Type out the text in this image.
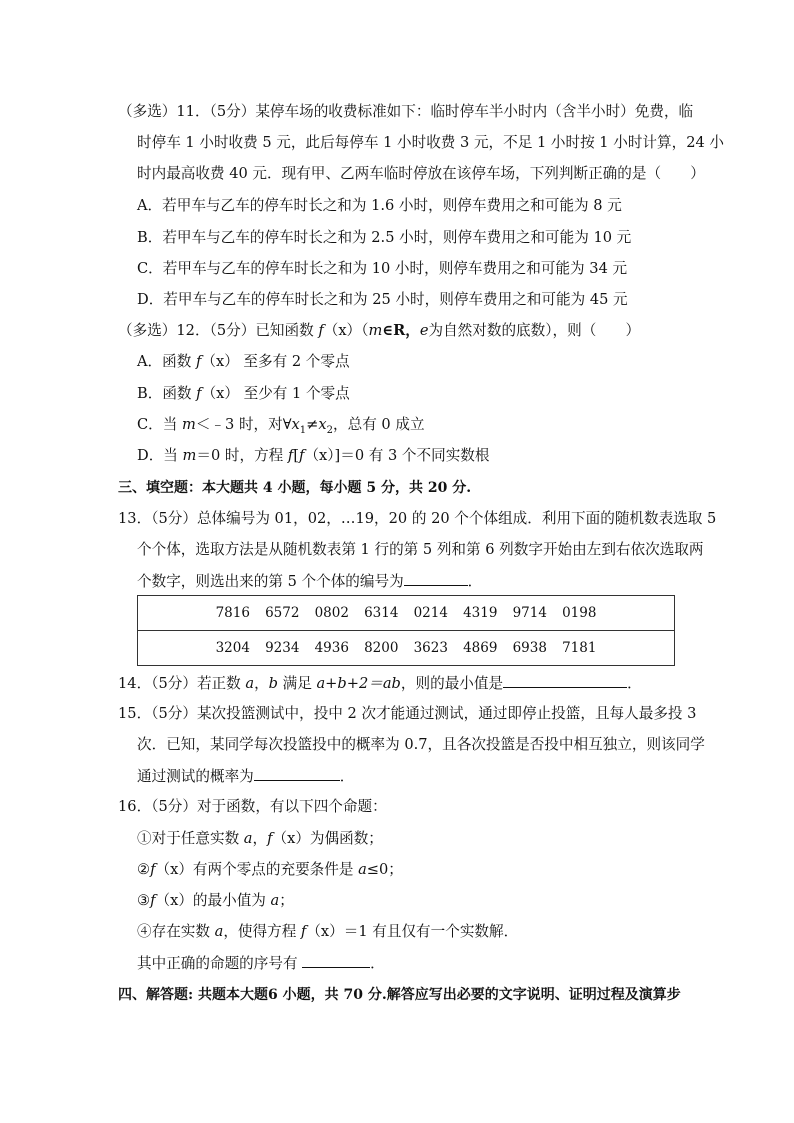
（多选）11．（5分）某停车场的收费标准如下：临时停车半小时内（含半小时）免费，临
时停车 1 小时收费 5 元，此后每停车 1 小时收费 3 元，不足 1 小时按 1 小时计算，24 小
时内最高收费 40 元．现有甲、乙两车临时停放在该停车场，下列判断正确的是（　　）
A．若甲车与乙车的停车时长之和为 1.6 小时，则停车费用之和可能为 8 元
B．若甲车与乙车的停车时长之和为 2.5 小时，则停车费用之和可能为 10 元
C．若甲车与乙车的停车时长之和为 10 小时，则停车费用之和可能为 34 元
D．若甲车与乙车的停车时长之和为 25 小时，则停车费用之和可能为 45 元
（多选）12．（5分）已知函数 f（x）（m∈R，e为自然对数的底数），则（　　）
A．函数 f（x） 至多有 2 个零点
B．函数 f（x） 至少有 1 个零点
C．当 m＜﹣3 时，对$\forall x_1\ne x_2$，总有 0 成立
D．当 m＝0 时，方程 f[f（x）]＝0 有 3 个不同实数根
三、填空题：本大题共 4 小题，每小题 5 分，共 20 分.
13．（5分）总体编号为 01，02，…19，20 的 20 个个体组成．利用下面的随机数表选取 5
个个体，选取方法是从随机数表第 1 行的第 5 列和第 6 列数字开始由左到右依次选取两
个数字，则选出来的第 5 个个体的编号为	．
	7816	6572	0802	6314	0214	4319	9714	0198	
	3204	9234	4936	8200	3623	4869	6938	7181	
14．（5分）若正数 a，b 满足 a+b+2＝ab，则的最小值是	．
15．（5分）某次投篮测试中，投中 2 次才能通过测试，通过即停止投篮，且每人最多投 3
次．已知，某同学每次投篮投中的概率为 0.7，且各次投篮是否投中相互独立，则该同学
通过测试的概率为	．
16．（5分）对于函数，有以下四个命题：
①对于任意实数 a，f（x）为偶函数；
②f（x）有两个零点的充要条件是 a≤0；
③f（x）的最小值为 a；
④存在实数 a，使得方程 f（x）＝1 有且仅有一个实数解．
其中正确的命题的序号有	．
四、解答题: 共题本大题6 小题，共 70 分.解答应写出必要的文字说明、证明过程及演算步
